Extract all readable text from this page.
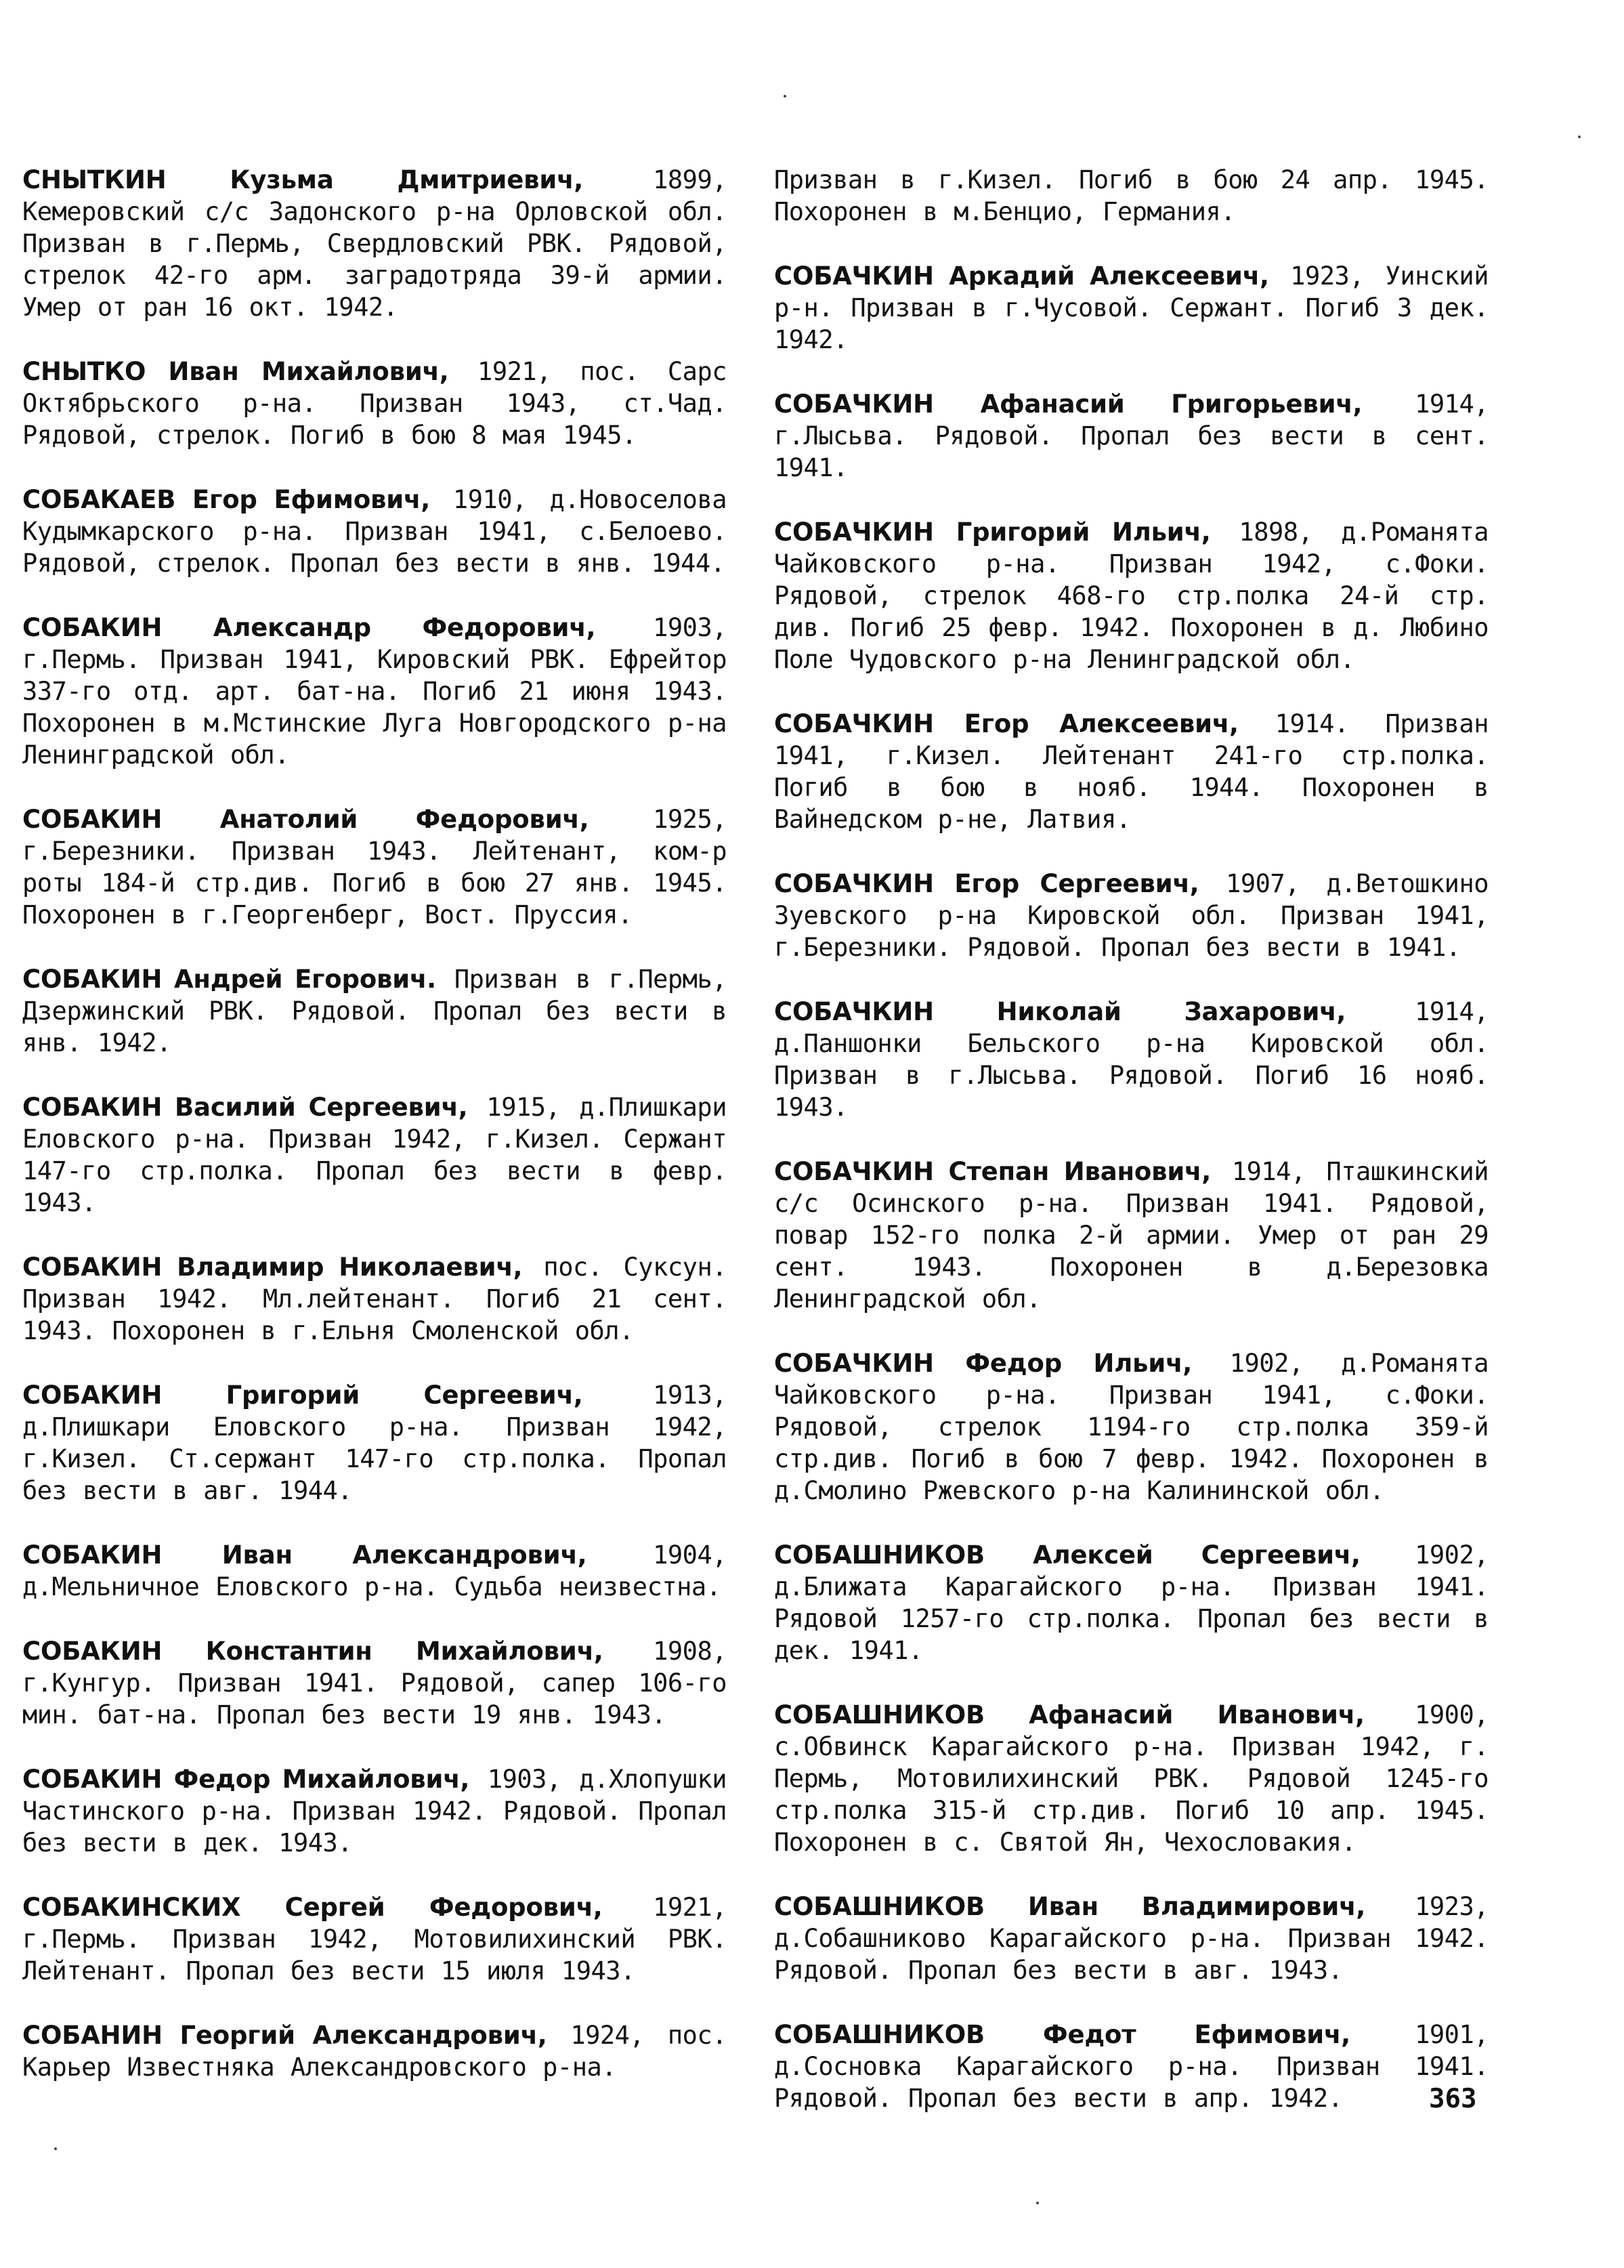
СНЫТКИН Кузьма Дмитриевич, 1899, Кемеровский с/с Задонского р-на Орловской обл. Призван в г.Пермь, Свердловский РВК. Рядовой, стрелок 42-го арм. заградотряда 39-й армии. Умер от ран 16 окт. 1942.

СНЫТКО Иван Михайлович, 1921, пос. Сарс Октябрьского р-на. Призван 1943, ст.Чад. Рядовой, стрелок. Погиб в бою 8 мая 1945.

СОБАКАЕВ Егор Ефимович, 1910, д.Новоселова Кудымкарского р-на. Призван 1941, с.Белоево. Рядовой, стрелок. Пропал без вести в янв. 1944.

СОБАКИН Александр Федорович, 1903, г.Пермь. Призван 1941, Кировский РВК. Ефрейтор 337-го отд. арт. бат-на. Погиб 21 июня 1943. Похоронен в м.Мстинские Луга Новгородского р-на Ленинградской обл.

СОБАКИН Анатолий Федорович, 1925, г.Березники. Призван 1943. Лейтенант, ком-р роты 184-й стр.див. Погиб в бою 27 янв. 1945. Похоронен в г.Георгенберг, Вост. Пруссия.

СОБАКИН Андрей Егорович. Призван в г.Пермь, Дзержинский РВК. Рядовой. Пропал без вести в янв. 1942.

СОБАКИН Василий Сергеевич, 1915, д.Плишкари Еловского р-на. Призван 1942, г.Кизел. Сержант 147-го стр.полка. Пропал без вести в февр. 1943.

СОБАКИН Владимир Николаевич, пос. Суксун. Призван 1942. Мл.лейтенант. Погиб 21 сент. 1943. Похоронен в г.Ельня Смоленской обл.

СОБАКИН Григорий Сергеевич, 1913, д.Плишкари Еловского р-на. Призван 1942, г.Кизел. Ст.сержант 147-го стр.полка. Пропал без вести в авг. 1944.

СОБАКИН Иван Александрович, 1904, д.Мельничное Еловского р-на. Судьба неизвестна.

СОБАКИН Константин Михайлович, 1908, г.Кунгур. Призван 1941. Рядовой, сапер 106-го мин. бат-на. Пропал без вести 19 янв. 1943.

СОБАКИН Федор Михайлович, 1903, д.Хлопушки Частинского р-на. Призван 1942. Рядовой. Пропал без вести в дек. 1943.

СОБАКИНСКИХ Сергей Федорович, 1921, г.Пермь. Призван 1942, Мотовилихинский РВК. Лейтенант. Пропал без вести 15 июля 1943.

СОБАНИН Георгий Александрович, 1924, пос. Карьер Известняка Александровского р-на.

Призван в г.Кизел. Погиб в бою 24 апр. 1945. Похоронен в м.Бенцио, Германия.

СОБАЧКИН Аркадий Алексеевич, 1923, Уинский р-н. Призван в г.Чусовой. Сержант. Погиб 3 дек. 1942.

СОБАЧКИН Афанасий Григорьевич, 1914, г.Лысьва. Рядовой. Пропал без вести в сент. 1941.

СОБАЧКИН Григорий Ильич, 1898, д.Романята Чайковского р-на. Призван 1942, с.Фоки. Рядовой, стрелок 468-го стр.полка 24-й стр. див. Погиб 25 февр. 1942. Похоронен в д. Любино Поле Чудовского р-на Ленинградской обл.

СОБАЧКИН Егор Алексеевич, 1914. Призван 1941, г.Кизел. Лейтенант 241-го стр.полка. Погиб в бою в нояб. 1944. Похоронен в Вайнедском р-не, Латвия.

СОБАЧКИН Егор Сергеевич, 1907, д.Ветошкино Зуевского р-на Кировской обл. Призван 1941, г.Березники. Рядовой. Пропал без вести в 1941.

СОБАЧКИН Николай Захарович, 1914, д.Паншонки Бельского р-на Кировской обл. Призван в г.Лысьва. Рядовой. Погиб 16 нояб. 1943.

СОБАЧКИН Степан Иванович, 1914, Пташкинский с/с Осинского р-на. Призван 1941. Рядовой, повар 152-го полка 2-й армии. Умер от ран 29 сент. 1943. Похоронен в д.Березовка Ленинградской обл.

СОБАЧКИН Федор Ильич, 1902, д.Романята Чайковского р-на. Призван 1941, с.Фоки. Рядовой, стрелок 1194-го стр.полка 359-й стр.див. Погиб в бою 7 февр. 1942. Похоронен в д.Смолино Ржевского р-на Калининской обл.

СОБАШНИКОВ Алексей Сергеевич, 1902, д.Ближата Карагайского р-на. Призван 1941. Рядовой 1257-го стр.полка. Пропал без вести в дек. 1941.

СОБАШНИКОВ Афанасий Иванович, 1900, с.Обвинск Карагайского р-на. Призван 1942, г. Пермь, Мотовилихинский РВК. Рядовой 1245-го стр.полка 315-й стр.див. Погиб 10 апр. 1945. Похоронен в с. Святой Ян, Чехословакия.

СОБАШНИКОВ Иван Владимирович, 1923, д.Собашниково Карагайского р-на. Призван 1942. Рядовой. Пропал без вести в авг. 1943.

СОБАШНИКОВ Федот Ефимович, 1901, д.Сосновка Карагайского р-на. Призван 1941. Рядовой. Пропал без вести в апр. 1942.	363
